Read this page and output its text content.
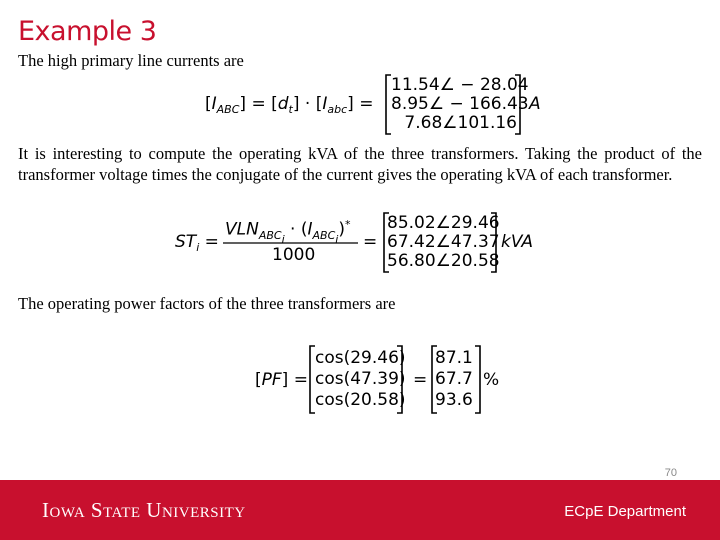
Example 3
The high primary line currents are
$[I_{ABC}] = [d_t] \cdot [I_{abc}]$ =
11.54∠ − 28.04
8.95∠ − 166.43
7.68∠101.16
A
It is interesting to compute the operating kVA of the three transformers. Taking the product of the transformer voltage times the conjugate of the current gives the operating kVA of each transformer.
$ST_i$ =
$VLN_{ABC_i} \cdot (I_{ABC_i})^*$
1000
=
85.02∠29.46
67.42∠47.37
56.80∠20.58
kVA
The operating power factors of the three transformers are
[PF] =
cos(29.46)
cos(47.39)
cos(20.58)
=
87.1
67.7
93.6
%
70
Iowa State University	ECpE Department
